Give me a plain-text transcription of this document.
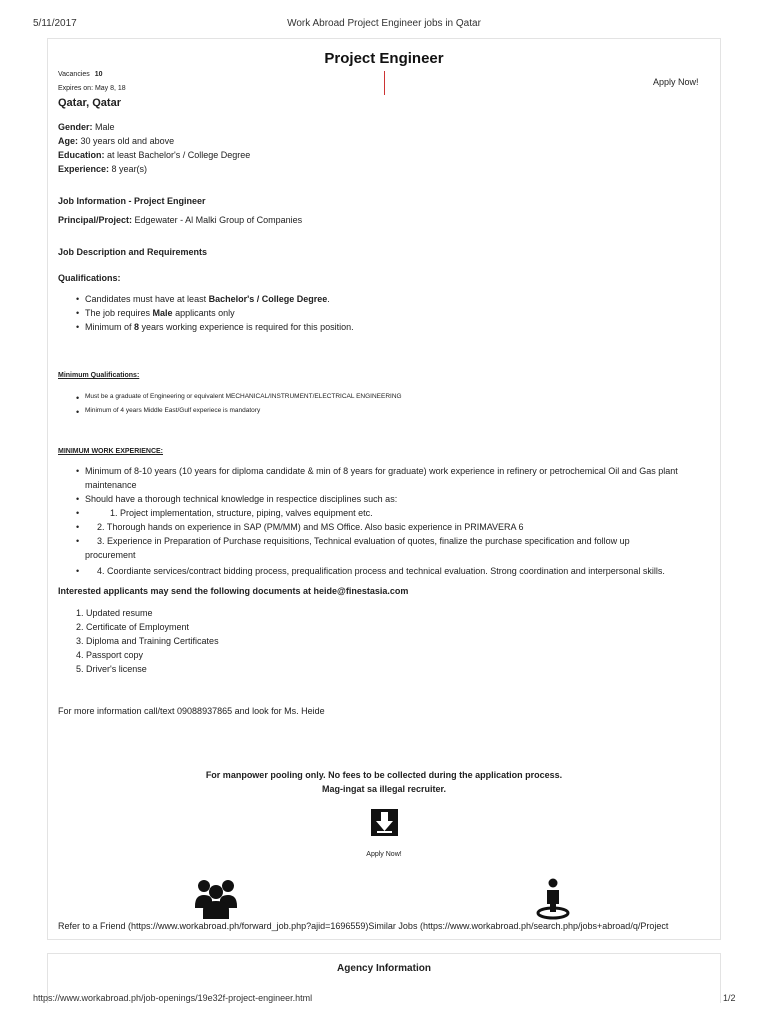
5/11/2017	Work Abroad Project Engineer jobs in Qatar
Project Engineer
Vacancies 10
Expires on: May 8, 18
Apply Now!
Qatar, Qatar
Gender: Male
Age: 30 years old and above
Education: at least Bachelor's / College Degree
Experience: 8 year(s)
Job Information - Project Engineer
Principal/Project: Edgewater - Al Malki Group of Companies
Job Description and Requirements
Qualifications:
• Candidates must have at least Bachelor's / College Degree.
• The job requires Male applicants only
• Minimum of 8 years working experience is required for this position.
Minimum Qualifications:
• Must be a graduate of Engineering or equivalent MECHANICAL/INSTRUMENT/ELECTRICAL ENGINEERING
• Minimum of 4 years Middle East/Gulf experiece is mandatory
MINIMUM WORK EXPERIENCE:
• Minimum of 8-10 years (10 years for diploma candidate & min of 8 years for graduate) work experience in refinery or petrochemical Oil and Gas plant
maintenance
• Should have a thorough technical knowledge in respectice disciplines such as:
•	1. Project implementation, structure, piping, valves equipment etc.
• 2. Thorough hands on experience in SAP (PM/MM) and MS Office. Also basic experience in PRIMAVERA 6
• 3. Experience in Preparation of Purchase requisitions, Technical evaluation of quotes, finalize the purchase specification and follow up
procurement
• 4. Coordiante services/contract bidding process, prequalification process and technical evaluation. Strong coordination and interpersonal skills.
Interested applicants may send the following documents at heide@finestasia.com
1. Updated resume
2. Certificate of Employment
3. Diploma and Training Certificates
4. Passport copy
5. Driver's license
For more information call/text 09088937865 and look for Ms. Heide
For manpower pooling only. No fees to be collected during the application process.
Mag-ingat sa illegal recruiter.
Apply Now!
Refer to a Friend (https://www.workabroad.ph/forward_job.php?ajid=1696559)Similar Jobs (https://www.workabroad.ph/search.php/jobs+abroad/q/Project
Agency Information
https://www.workabroad.ph/job-openings/19e32f-project-engineer.html	1/2
